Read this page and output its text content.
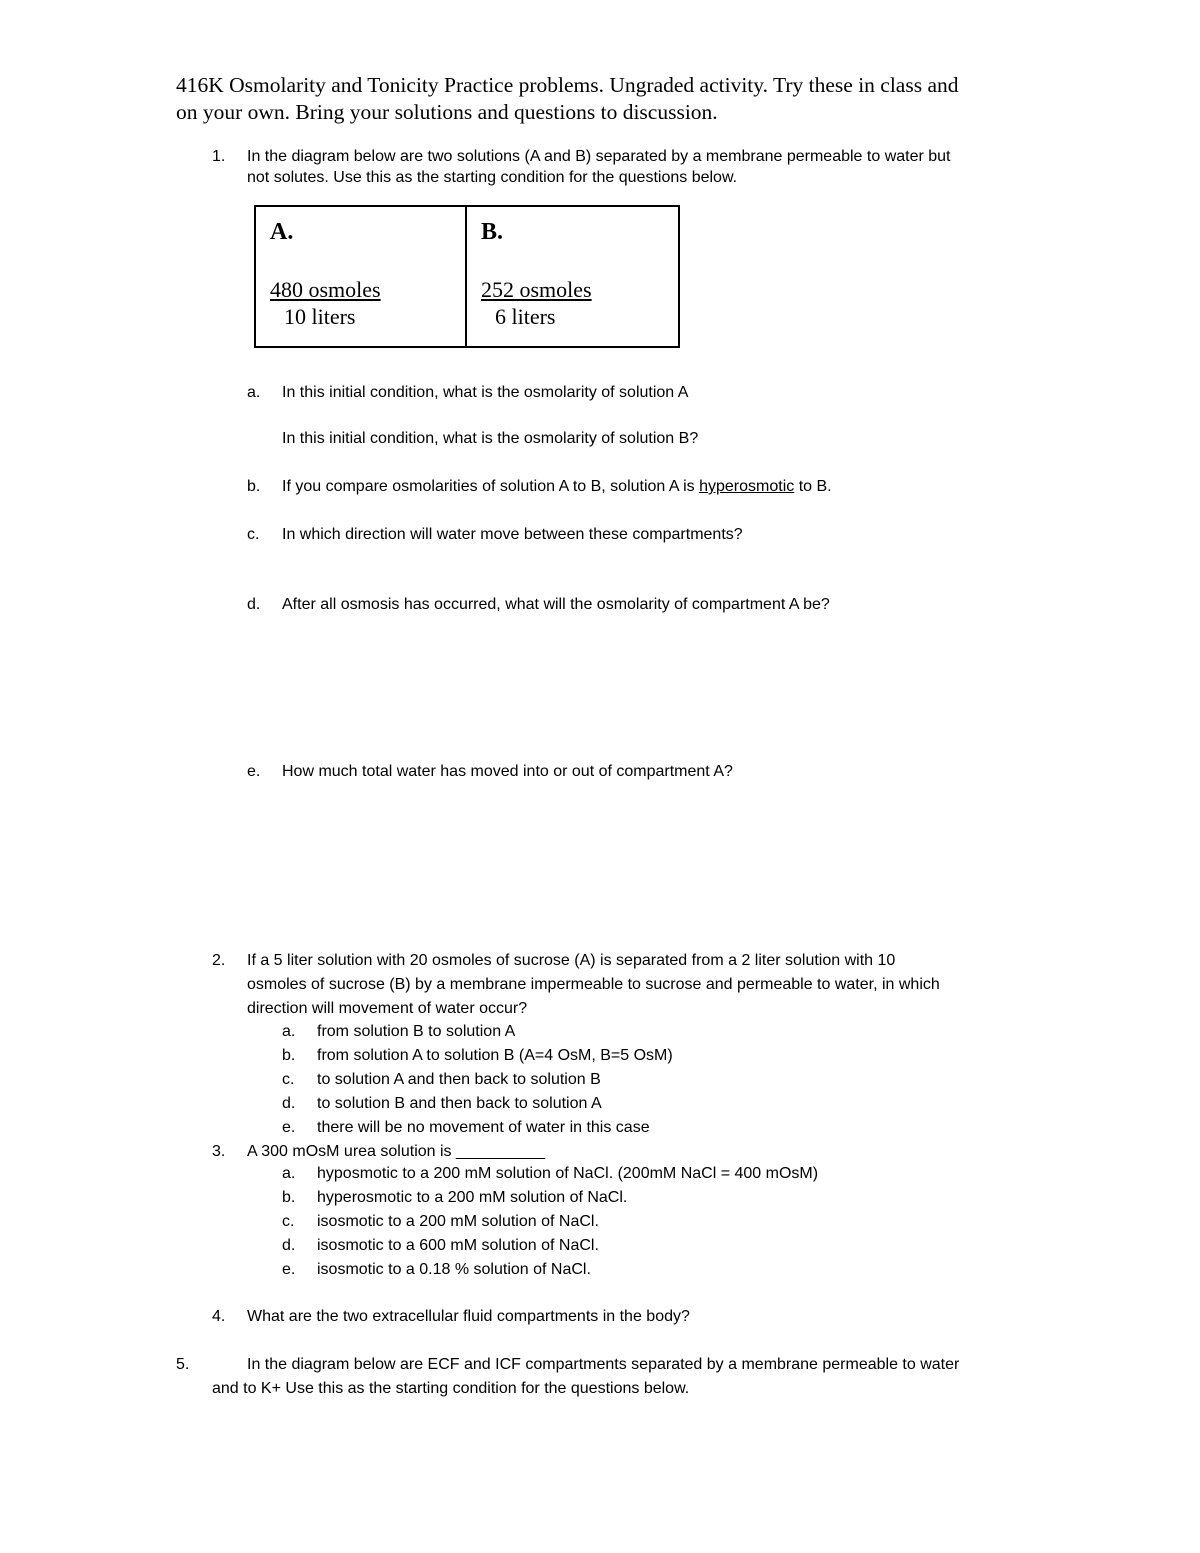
416K Osmolarity and Tonicity Practice problems. Ungraded activity. Try these in class and
on your own. Bring your solutions and questions to discussion.
1. In the diagram below are two solutions (A and B) separated by a membrane permeable to water but
not solutes. Use this as the starting condition for the questions below.
A.
480 osmoles
10 liters
B.
252 osmoles
6 liters
a. In this initial condition, what is the osmolarity of solution A
In this initial condition, what is the osmolarity of solution B?
b. If you compare osmolarities of solution A to B, solution A is hyperosmotic to B.
c. In which direction will water move between these compartments?
d. After all osmosis has occurred, what will the osmolarity of compartment A be?
e. How much total water has moved into or out of compartment A?
2. If a 5 liter solution with 20 osmoles of sucrose (A) is separated from a 2 liter solution with 10
osmoles of sucrose (B) by a membrane impermeable to sucrose and permeable to water, in which
direction will movement of water occur?
a. from solution B to solution A
b. from solution A to solution B (A=4 OsM, B=5 OsM)
c. to solution A and then back to solution B
d. to solution B and then back to solution A
e. there will be no movement of water in this case
3. A 300 mOsM urea solution is __________
a. hyposmotic to a 200 mM solution of NaCl. (200mM NaCl = 400 mOsM)
b. hyperosmotic to a 200 mM solution of NaCl.
c. isosmotic to a 200 mM solution of NaCl.
d. isosmotic to a 600 mM solution of NaCl.
e. isosmotic to a 0.18 % solution of NaCl.
4. What are the two extracellular fluid compartments in the body?
5.	In the diagram below are ECF and ICF compartments separated by a membrane permeable to water
and to K+ Use this as the starting condition for the questions below.
